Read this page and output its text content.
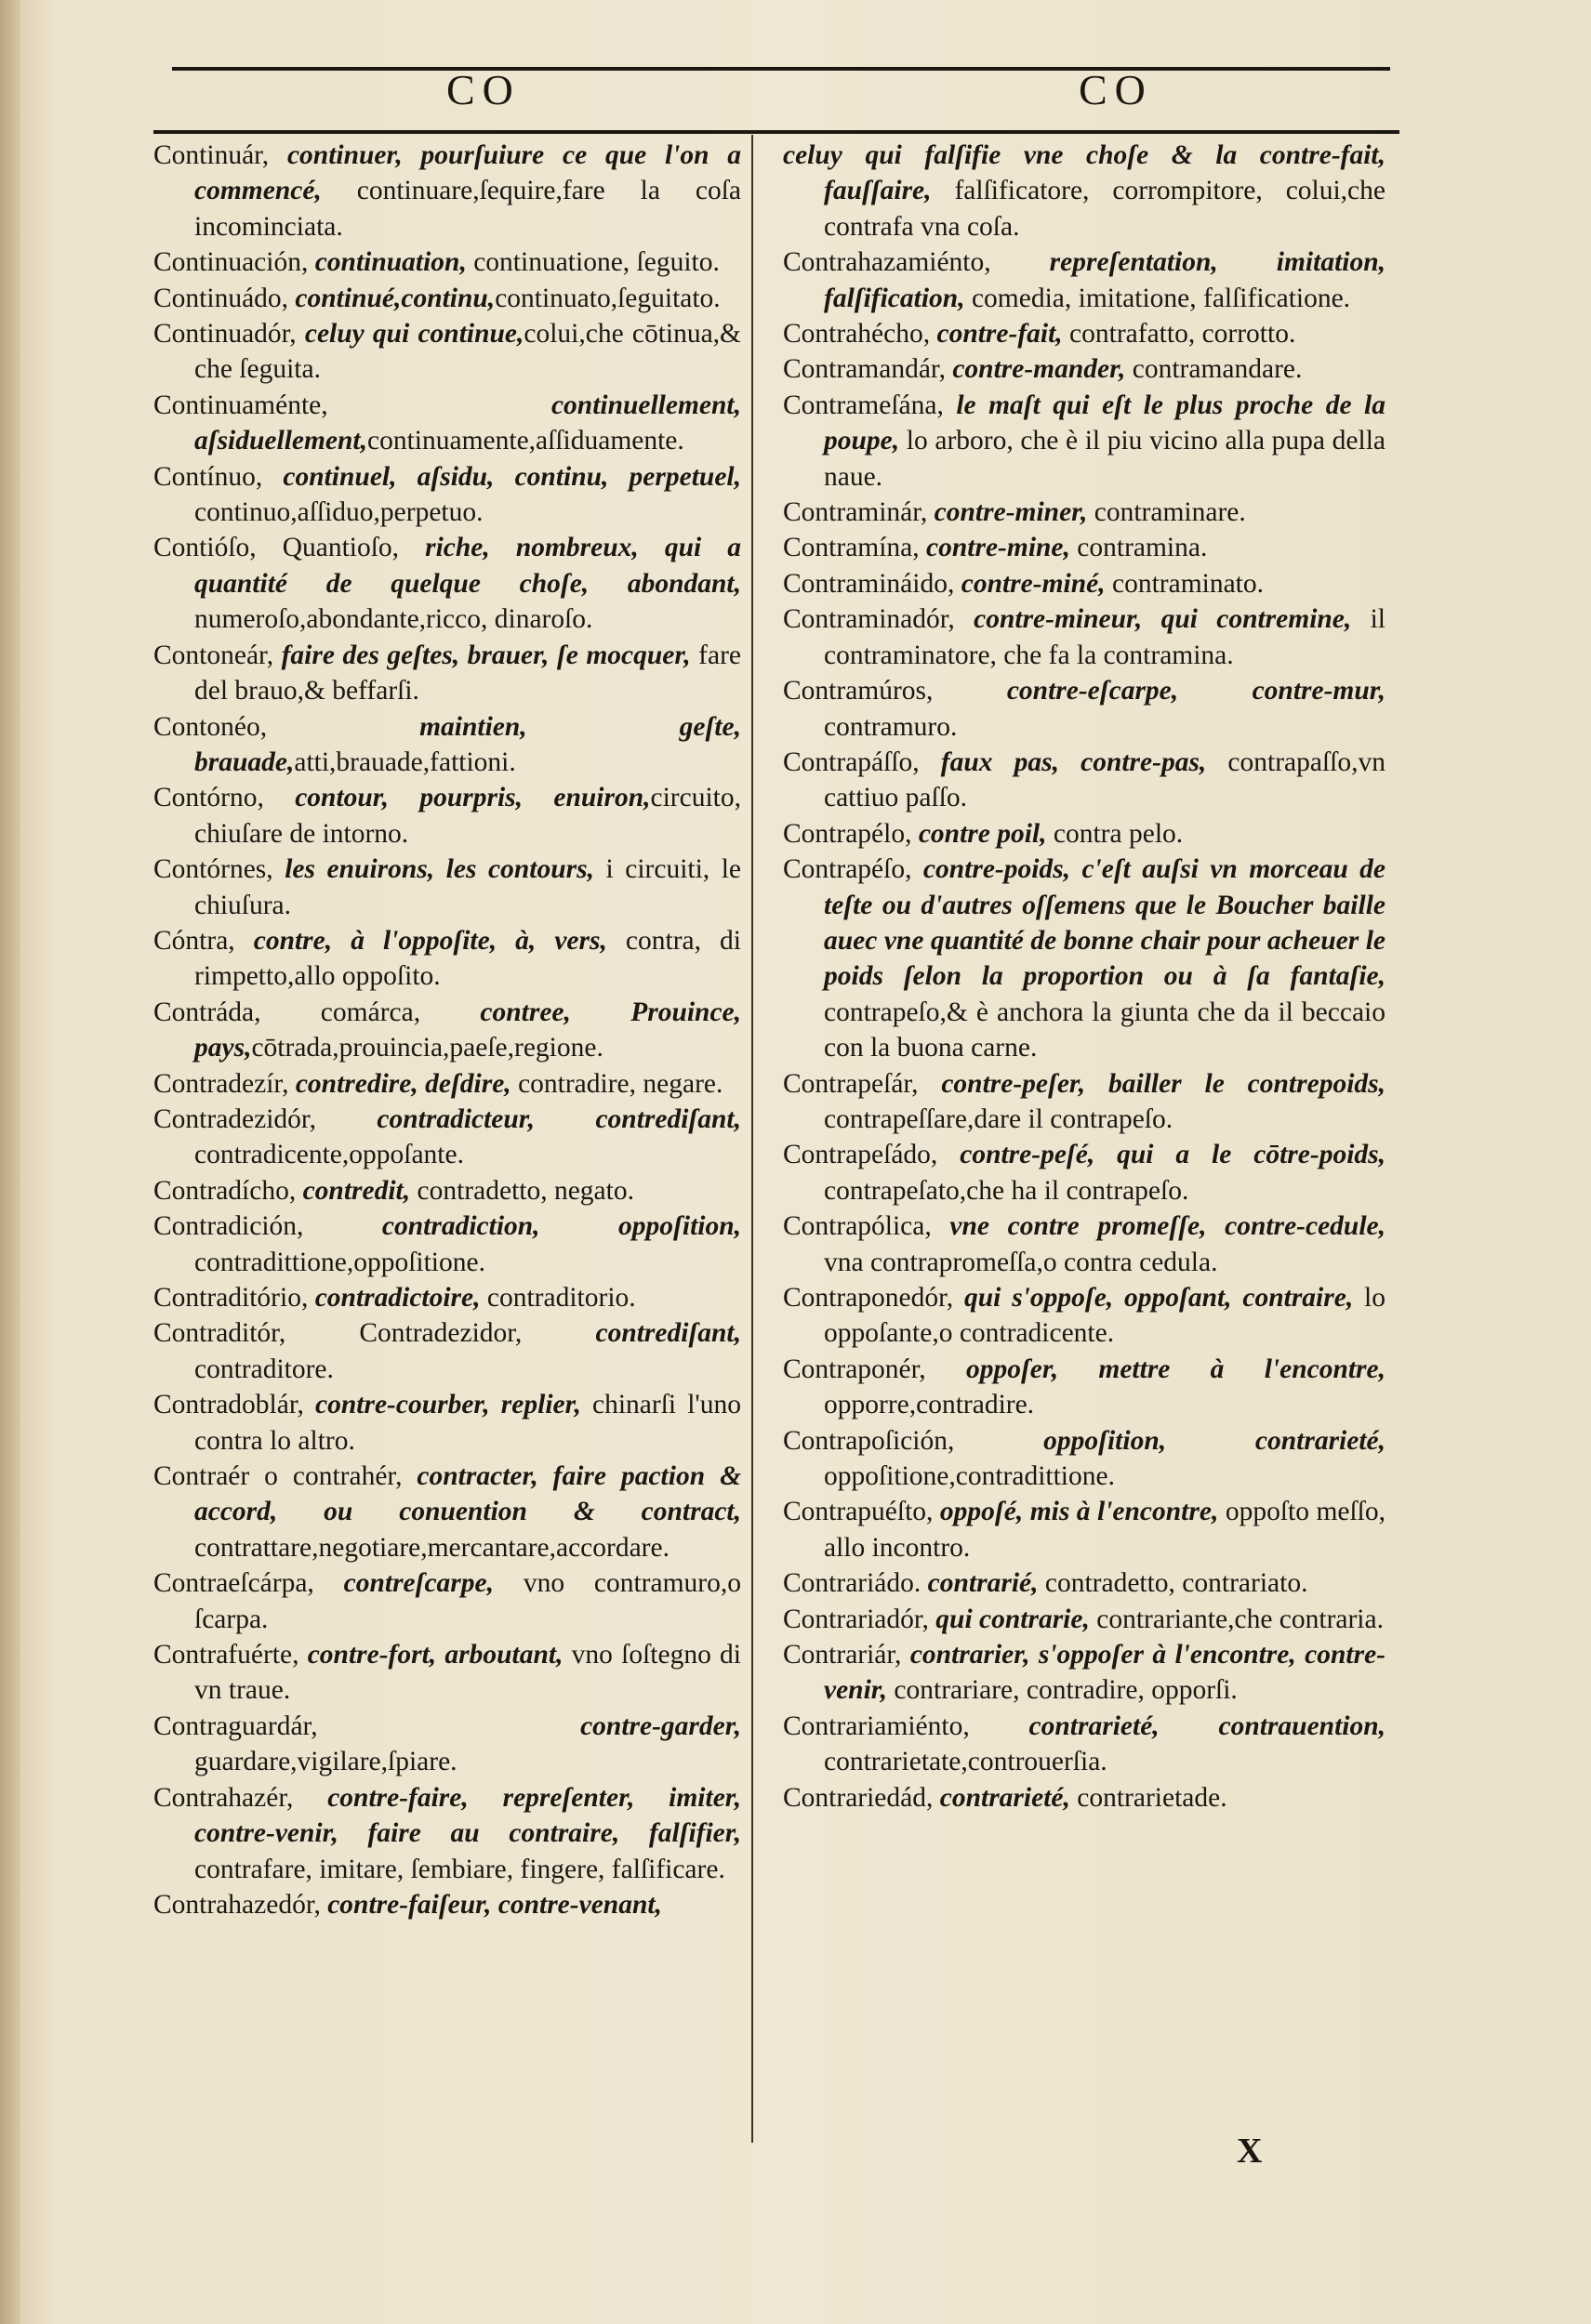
CO	CO

Continuár, continuer, pourſuiure ce que l'on a commencé, continuare,ſequire,fare la coſa incominciata.

Continuación, continuation, continuatione, ſeguito.

Continuádo, continué,continu,continuato,ſeguitato.

Continuadór, celuy qui continue,colui,che cōtinua,& che ſeguita.

Continuaménte,	continuellement, aſsiduellement,continuamente,aſſiduamente.

Contínuo, continuel, aſsidu, continu, perpetuel, continuo,aſſiduo,perpetuo.

Contióſo, Quantioſo, riche, nombreux, qui a quantité de quelque choſe, abondant, numeroſo,abondante,ricco, dinaroſo.

Contoneár, faire des geſtes, brauer, ſe mocquer, fare del brauo,& beffarſi.

Contonéo,	maintien, geſte, brauade,atti,brauade,fattioni.

Contórno, contour, pourpris, enuiron,circuito, chiuſare de intorno.

Contórnes, les enuirons, les contours, i circuiti, le chiuſura.

Cóntra, contre, à l'oppoſite, à, vers, contra, di rimpetto,allo oppoſito.

Contráda, comárca, contree, Prouince, pays,cōtrada,prouincia,paeſe,regione.

Contradezír, contredire, deſdire, contradire, negare.

Contradezidór, contradicteur, contrediſant, contradicente,oppoſante.

Contradícho, contredit, contradetto, negato.

Contradición,	contradiction, oppoſition, contradittione,oppoſitione.

Contraditório, contradictoire, contraditorio.

Contraditór, Contradezidor,	contrediſant, contraditore.

Contradoblár, contre-courber, replier, chinarſi l'uno contra lo altro.

Contraér o contrahér, contracter, faire paction & accord, ou conuention & contract, contrattare,negotiare,mercantare,accordare.

Contraeſcárpa, contreſcarpe, vno contramuro,o ſcarpa.

Contrafuérte, contre-fort, arboutant, vno ſoſtegno di vn traue.

Contraguardár,	contre-garder, guardare,vigilare,ſpiare.

Contrahazér, contre-faire, repreſenter, imiter, contre-venir, faire au contraire, falſifier, contrafare, imitare, ſembiare, fingere, falſificare.

Contrahazedór, contre-faiſeur, contre-venant,

celuy qui falſifie vne choſe & la contre-fait, fauſſaire, falſificatore, corrompitore, colui,che contrafa vna coſa.

Contrahazamiénto, repreſentation, imitation, falſification, comedia, imitatione, falſificatione.

Contrahécho, contre-fait, contrafatto, corrotto.

Contramandár, contre-mander, contramandare.

Contrameſána, le maſt qui eſt le plus proche de la poupe, lo arboro, che è il piu vicino alla pupa della naue.

Contraminár, contre-miner, contraminare.

Contramína, contre-mine, contramina.

Contramináido, contre-miné, contraminato.

Contraminadór, contre-mineur, qui contremine, il contraminatore, che fa la contramina.

Contramúros,	contre-eſcarpe, contre-mur, contramuro.

Contrapáſſo, faux pas, contre-pas, contrapaſſo,vn cattiuo paſſo.

Contrapélo, contre poil, contra pelo.

Contrapéſo, contre-poids, c'eſt auſsi vn morceau de teſte ou d'autres oſſemens que le Boucher baille auec vne quantité de bonne chair pour acheuer le poids ſelon la proportion ou à ſa fantaſie, contrapeſo,& è anchora la giunta che da il beccaio con la buona carne.

Contrapeſár, contre-peſer, bailler le contrepoids, contrapeſſare,dare il contrapeſo.

Contrapeſádo, contre-peſé, qui a le cōtre-poids, contrapeſato,che ha il contrapeſo.

Contrapólica, vne contre promeſſe, contre-cedule, vna contrapromeſſa,o contra cedula.

Contraponedór, qui s'oppoſe, oppoſant, contraire, lo oppoſante,o contradicente.

Contraponér, oppoſer, mettre à l'encontre, opporre,contradire.

Contrapoſición,	oppoſition, contrarieté, oppoſitione,contradittione.

Contrapuéſto, oppoſé, mis à l'encontre, oppoſto meſſo, allo incontro.

Contrariádo. contrarié, contradetto, contrariato.

Contrariadór, qui contrarie, contrariante,che contraria.

Contrariár, contrarier, s'oppoſer à l'encontre, contre-venir, contrariare, contradire, opporſi.

Contrariamiénto, contrarieté, contrauention, contrarietate,controuerſia.

Contrariedád, contrarieté, contrarietade.

X
